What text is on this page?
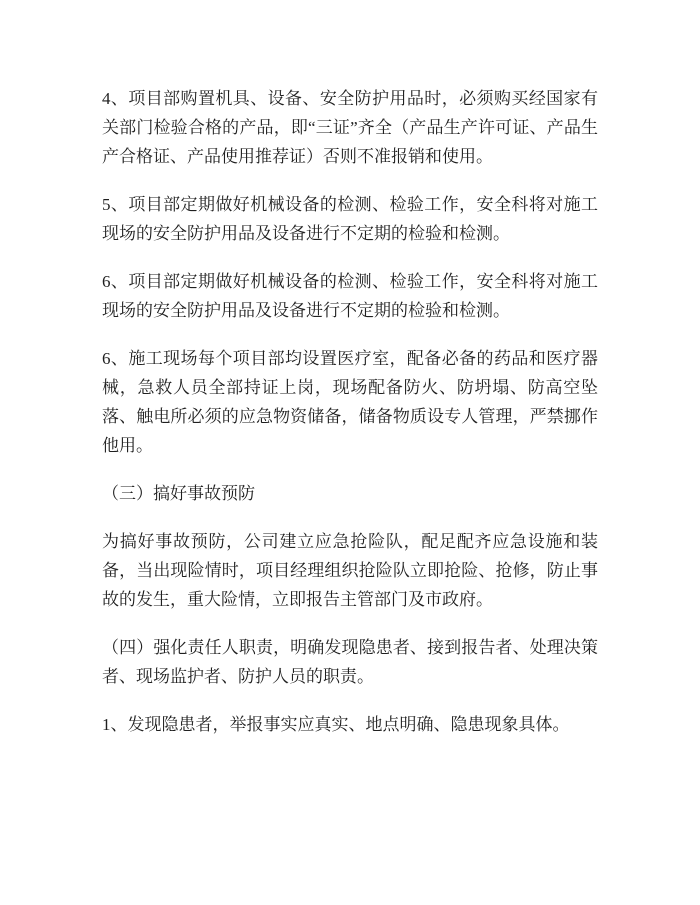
4、项目部购置机具、设备、安全防护用品时，必须购买经国家有关部门检验合格的产品，即“三证”齐全（产品生产许可证、产品生产合格证、产品使用推荐证）否则不准报销和使用。

5、项目部定期做好机械设备的检测、检验工作，安全科将对施工现场的安全防护用品及设备进行不定期的检验和检测。

6、项目部定期做好机械设备的检测、检验工作，安全科将对施工现场的安全防护用品及设备进行不定期的检验和检测。

6、施工现场每个项目部均设置医疗室，配备必备的药品和医疗器械，急救人员全部持证上岗，现场配备防火、防坍塌、防高空坠落、触电所必须的应急物资储备，储备物质设专人管理，严禁挪作他用。

（三）搞好事故预防

为搞好事故预防，公司建立应急抢险队，配足配齐应急设施和装备，当出现险情时，项目经理组织抢险队立即抢险、抢修，防止事故的发生，重大险情，立即报告主管部门及市政府。

（四）强化责任人职责，明确发现隐患者、接到报告者、处理决策者、现场监护者、防护人员的职责。

1、发现隐患者，举报事实应真实、地点明确、隐患现象具体。
